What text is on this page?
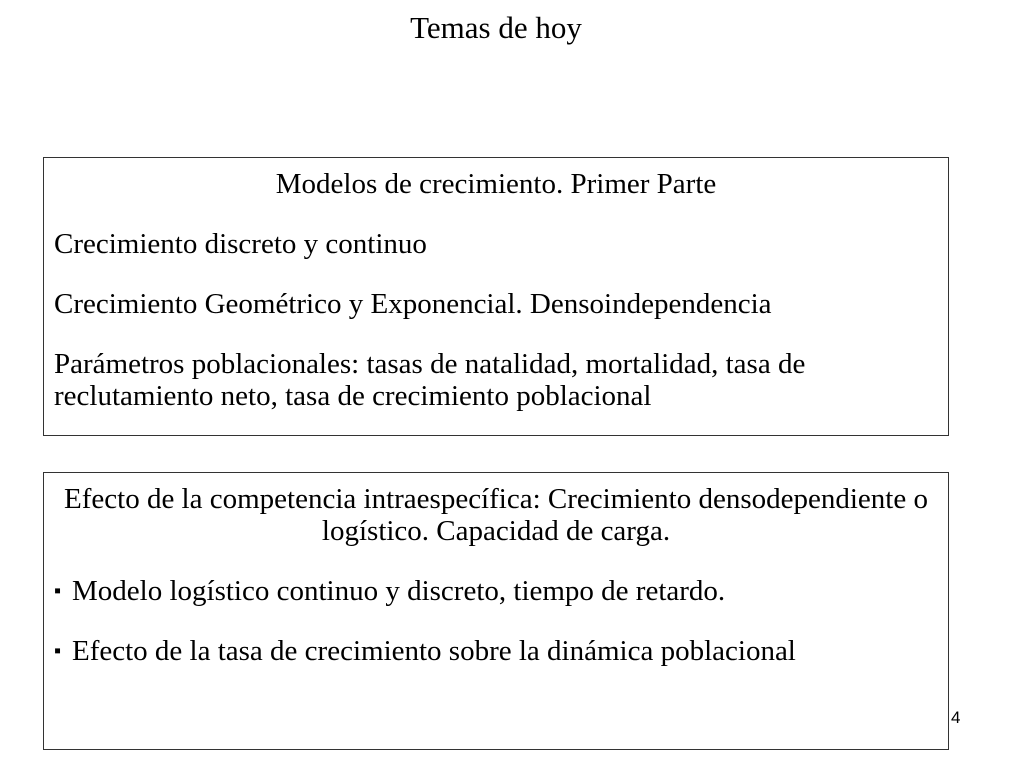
Temas de hoy
Modelos de crecimiento. Primer Parte
Crecimiento discreto y continuo
Crecimiento Geométrico y Exponencial. Densoindependencia
Parámetros poblacionales: tasas de natalidad, mortalidad, tasa de reclutamiento neto, tasa de crecimiento poblacional
Efecto de la competencia intraespecífica: Crecimiento densodependiente o logístico. Capacidad de carga.
▪ Modelo logístico continuo y discreto, tiempo de retardo.
▪ Efecto de la tasa de crecimiento sobre la dinámica poblacional
4
